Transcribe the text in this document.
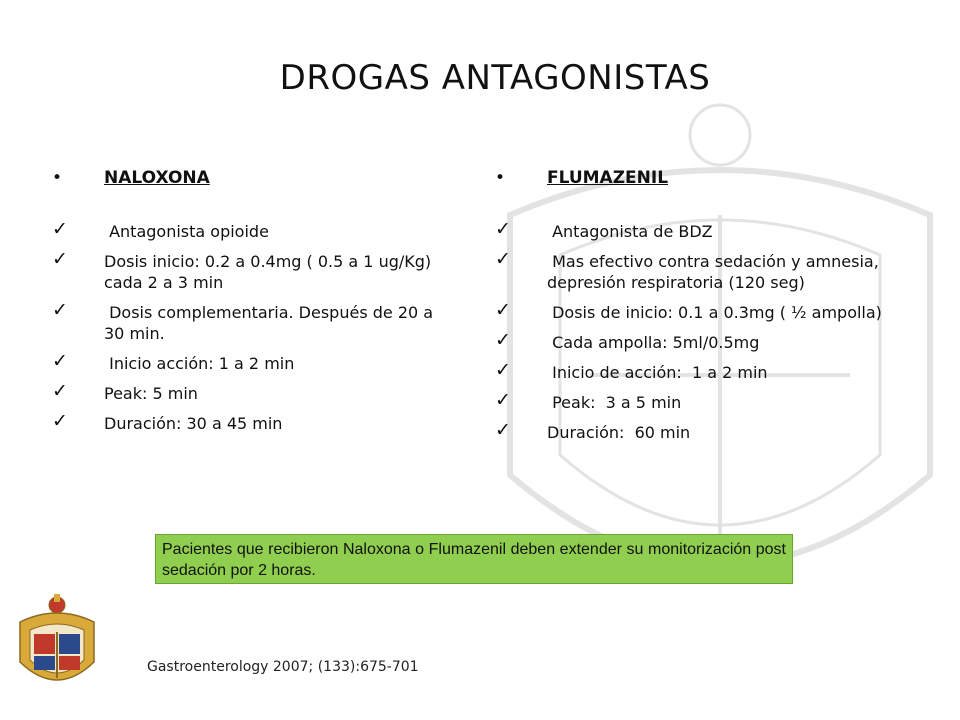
DROGAS ANTAGONISTAS
• NALOXONA
✓ Antagonista opioide
✓ Dosis inicio: 0.2 a 0.4mg ( 0.5 a 1 ug/Kg) cada 2 a 3 min
✓ Dosis complementaria. Después de 20 a 30 min.
✓ Inicio acción: 1 a 2 min
✓ Peak: 5 min
✓ Duración: 30 a 45 min
• FLUMAZENIL
✓ Antagonista de BDZ
✓ Mas efectivo contra sedación y amnesia, depresión respiratoria (120 seg)
✓ Dosis de inicio: 0.1 a 0.3mg ( ½ ampolla)
✓ Cada ampolla: 5ml/0.5mg
✓ Inicio de acción:  1 a 2 min
✓ Peak:  3 a 5 min
✓ Duración:  60 min
Pacientes que recibieron Naloxona o Flumazenil deben extender su monitorización post sedación por 2 horas.
Gastroenterology 2007; (133):675-701
